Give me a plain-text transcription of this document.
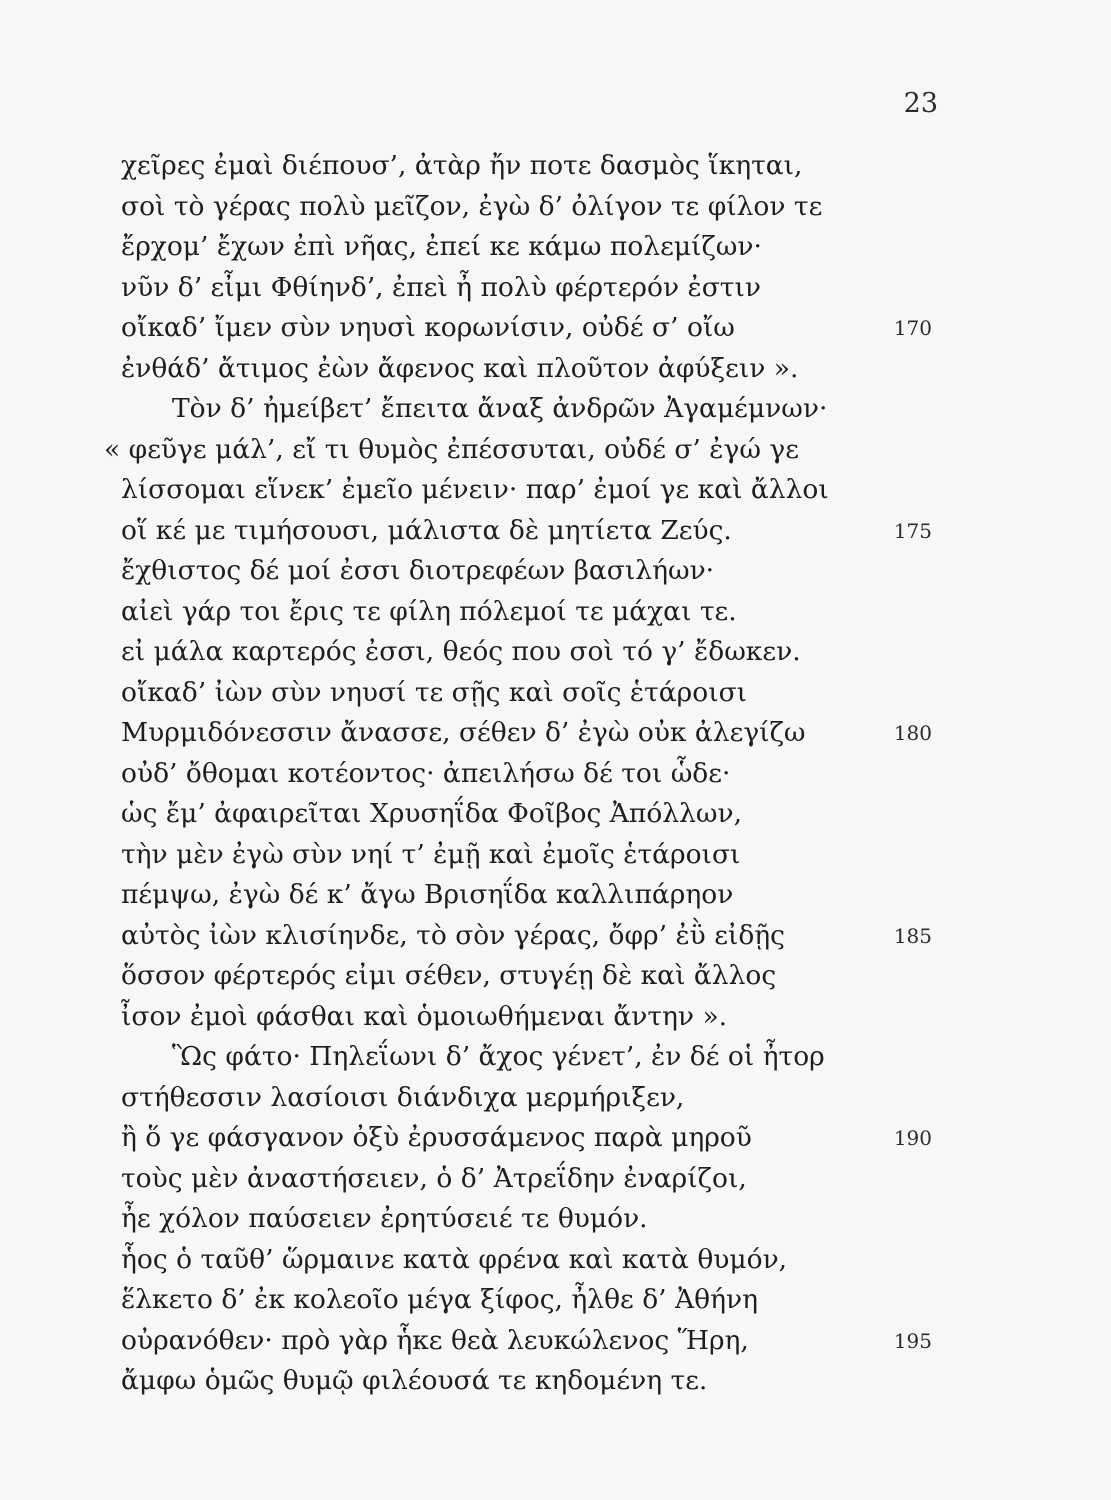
23
χεῖρες ἐμαὶ διέπουσ’, ἀτὰρ ἤν ποτε δασμὸς ἵκηται,
σοὶ τὸ γέρας πολὺ μεῖζον, ἐγὼ δ’ ὀλίγον τε φίλον τε
ἔρχομ’ ἔχων ἐπὶ νῆας, ἐπεί κε κάμω πολεμίζων·
νῦν δ’ εἶμι Φθίηνδ’, ἐπεὶ ἦ πολὺ φέρτερόν ἐστιν
οἴκαδ’ ἴμεν σὺν νηυσὶ κορωνίσιν, οὐδέ σ’ οἴω	170
ἐνθάδ’ ἄτιμος ἐὼν ἄφενος καὶ πλοῦτον ἀφύξειν ».
Τὸν δ’ ἠμείβετ’ ἔπειτα ἄναξ ἀνδρῶν Ἀγαμέμνων·
« φεῦγε μάλ’, εἴ τι θυμὸς ἐπέσσυται, οὐδέ σ’ ἐγώ γε
λίσσομαι εἵνεκ’ ἐμεῖο μένειν· παρ’ ἐμοί γε καὶ ἄλλοι
οἵ κέ με τιμήσουσι, μάλιστα δὲ μητίετα Ζεύς.	175
ἔχθιστος δέ μοί ἐσσι διοτρεφέων βασιλήων·
αἰεὶ γάρ τοι ἔρις τε φίλη πόλεμοί τε μάχαι τε.
εἰ μάλα καρτερός ἐσσι, θεός που σοὶ τό γ’ ἔδωκεν.
οἴκαδ’ ἰὼν σὺν νηυσί τε σῇς καὶ σοῖς ἑτάροισι
Μυρμιδόνεσσιν ἄνασσε, σέθεν δ’ ἐγὼ οὐκ ἀλεγίζω	180
οὐδ’ ὄθομαι κοτέοντος· ἀπειλήσω δέ τοι ὧδε·
ὡς ἔμ’ ἀφαιρεῖται Χρυσηΐδα Φοῖβος Ἀπόλλων,
τὴν μὲν ἐγὼ σὺν νηί τ’ ἐμῇ καὶ ἐμοῖς ἑτάροισι
πέμψω, ἐγὼ δέ κ’ ἄγω Βρισηΐδα καλλιπάρηον
αὐτὸς ἰὼν κλισίηνδε, τὸ σὸν γέρας, ὄφρ’ ἐῢ εἰδῇς	185
ὅσσον φέρτερός εἰμι σέθεν, στυγέῃ δὲ καὶ ἄλλος
ἶσον ἐμοὶ φάσθαι καὶ ὁμοιωθήμεναι ἄντην ».
Ὣς φάτο· Πηλεΐωνι δ’ ἄχος γένετ’, ἐν δέ οἱ ἦτορ
στήθεσσιν λασίοισι διάνδιχα μερμήριξεν,
ἢ ὅ γε φάσγανον ὀξὺ ἐρυσσάμενος παρὰ μηροῦ	190
τοὺς μὲν ἀναστήσειεν, ὁ δ’ Ἀτρεΐδην ἐναρίζοι,
ἦε χόλον παύσειεν ἐρητύσειέ τε θυμόν.
ἧος ὁ ταῦθ’ ὥρμαινε κατὰ φρένα καὶ κατὰ θυμόν,
ἕλκετο δ’ ἐκ κολεοῖο μέγα ξίφος, ἦλθε δ’ Ἀθήνη
οὐρανόθεν· πρὸ γὰρ ἧκε θεὰ λευκώλενος Ἥρη,	195
ἄμφω ὁμῶς θυμῷ φιλέουσά τε κηδομένη τε.
